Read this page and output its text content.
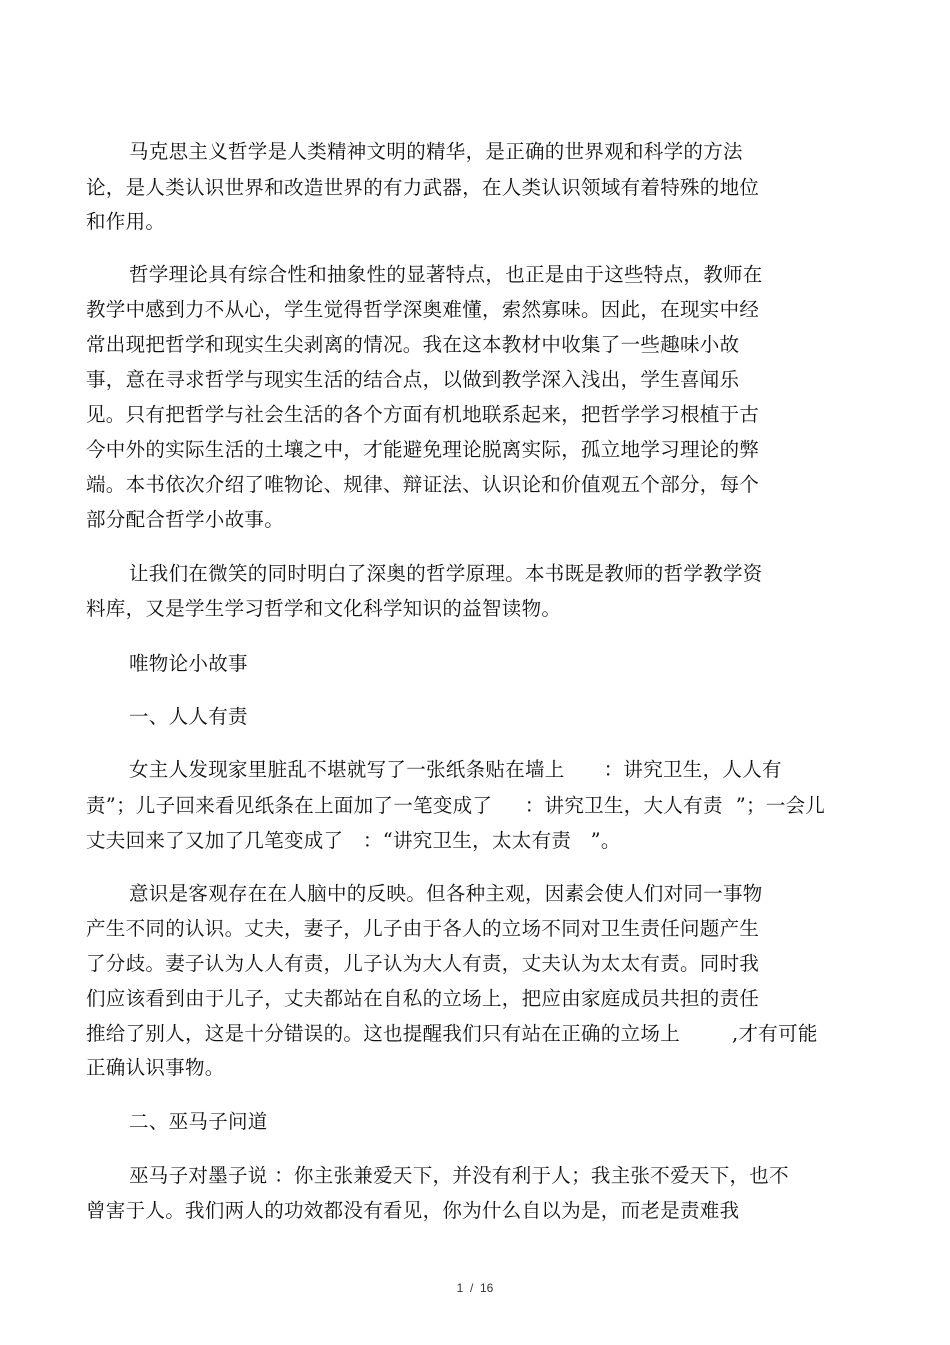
马克思主义哲学是人类精神文明的精华，是正确的世界观和科学的方法
论，是人类认识世界和改造世界的有力武器，在人类认识领域有着特殊的地位
和作用。
哲学理论具有综合性和抽象性的显著特点，也正是由于这些特点，教师在
教学中感到力不从心，学生觉得哲学深奥难懂，索然寡味。因此，在现实中经
常出现把哲学和现实生尖剥离的情况。我在这本教材中收集了一些趣味小故
事，意在寻求哲学与现实生活的结合点，以做到教学深入浅出，学生喜闻乐
见。只有把哲学与社会生活的各个方面有机地联系起来，把哲学学习根植于古
今中外的实际生活的土壤之中，才能避免理论脱离实际，孤立地学习理论的弊
端。本书依次介绍了唯物论、规律、辩证法、认识论和价值观五个部分，每个
部分配合哲学小故事。
让我们在微笑的同时明白了深奥的哲学原理。本书既是教师的哲学教学资
料库，又是学生学习哲学和文化科学知识的益智读物。
唯物论小故事
一、人人有责
女主人发现家里脏乱不堪就写了一张纸条贴在墙上      ：讲究卫生，人人有
责”；儿子回来看见纸条在上面加了一笔变成了     ：讲究卫生，大人有责  ”；一会儿
丈夫回来了又加了几笔变成了   ：“讲究卫生，太太有责   ”。
意识是客观存在在人脑中的反映。但各种主观，因素会使人们对同一事物
产生不同的认识。丈夫，妻子，儿子由于各人的立场不同对卫生责任问题产生
了分歧。妻子认为人人有责，儿子认为大人有责，丈夫认为太太有责。同时我
们应该看到由于儿子，丈夫都站在自私的立场上，把应由家庭成员共担的责任
推给了别人，这是十分错误的。这也提醒我们只有站在正确的立场上        ,才有可能
正确认识事物。
二、巫马子问道
巫马子对墨子说 ：你主张兼爱天下，并没有利于人；我主张不爱天下，也不
曾害于人。我们两人的功效都没有看见，你为什么自以为是，而老是责难我
1  /  16
